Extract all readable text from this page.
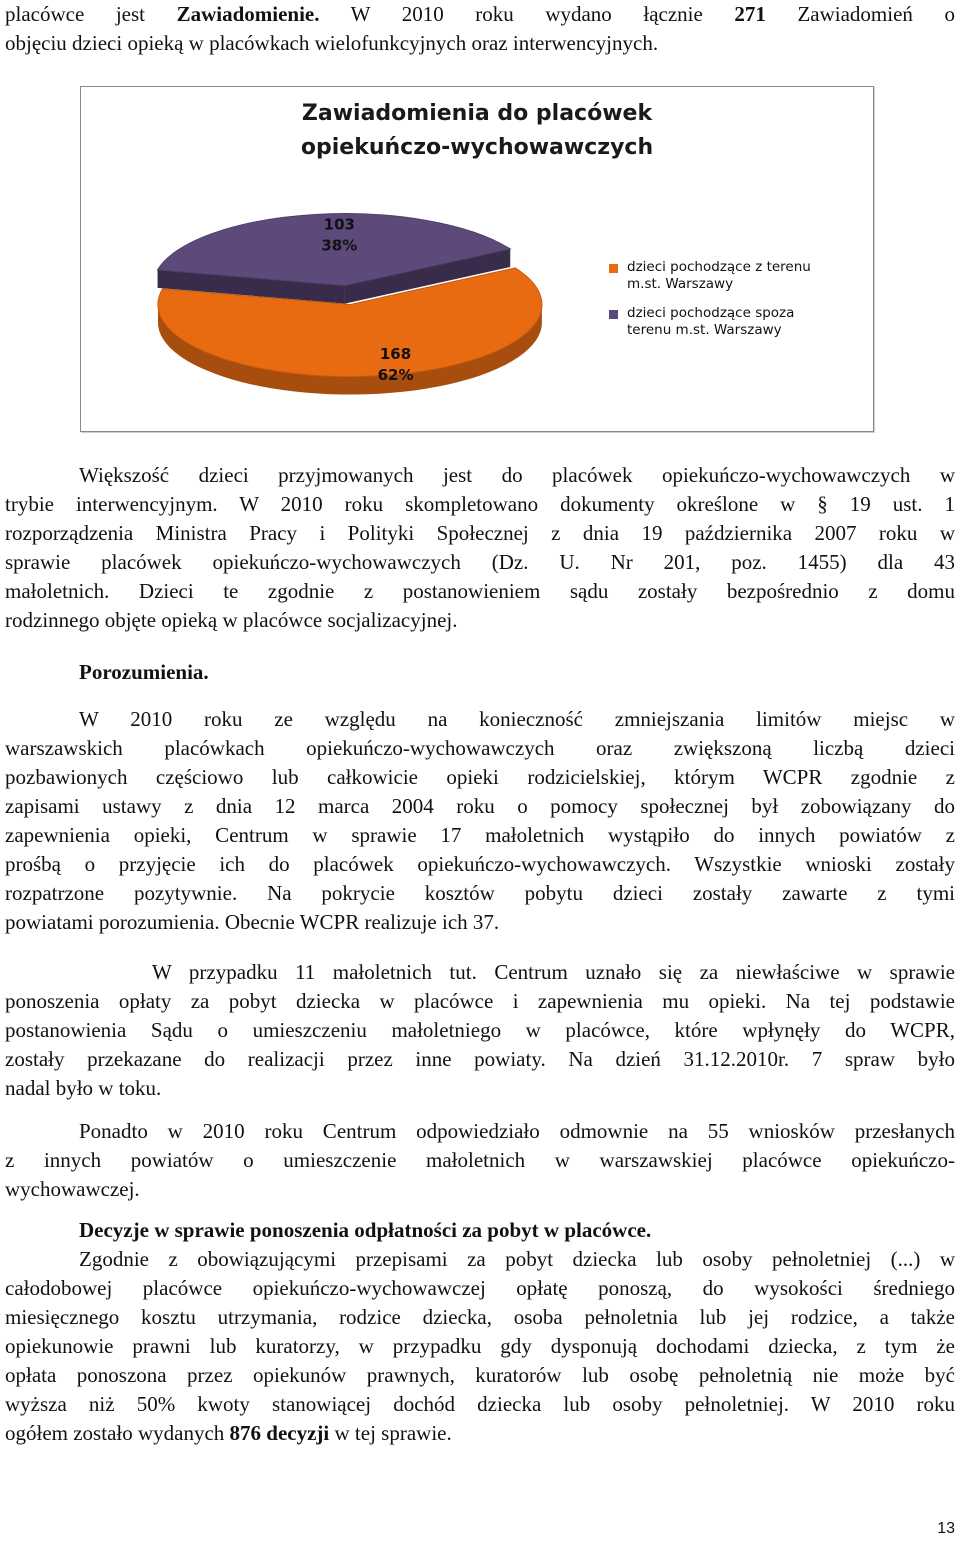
placówce jest Zawiadomienie. W 2010 roku wydano łącznie 271 Zawiadomień o
objęciu dzieci opieką w placówkach wielofunkcyjnych oraz interwencyjnych.
Zawiadomienia do placówek
opiekuńczo-wychowawczych
168
62%
103
38%
dzieci pochodzące z terenu
m.st. Warszawy
dzieci pochodzące spoza
terenu m.st. Warszawy
Większość dzieci przyjmowanych jest do placówek opiekuńczo-wychowawczych w
trybie interwencyjnym. W 2010 roku skompletowano dokumenty określone w § 19 ust. 1
rozporządzenia Ministra Pracy i Polityki Społecznej z dnia 19 października 2007 roku w
sprawie placówek opiekuńczo-wychowawczych (Dz. U. Nr 201, poz. 1455) dla 43
małoletnich. Dzieci te zgodnie z postanowieniem sądu zostały bezpośrednio z domu
rodzinnego objęte opieką w placówce socjalizacyjnej.
Porozumienia.
W 2010 roku ze względu na konieczność zmniejszania limitów miejsc w
warszawskich placówkach opiekuńczo-wychowawczych oraz zwiększoną liczbą dzieci
pozbawionych częściowo lub całkowicie opieki rodzicielskiej, którym WCPR zgodnie z
zapisami ustawy z dnia 12 marca 2004 roku o pomocy społecznej był zobowiązany do
zapewnienia opieki, Centrum w sprawie 17 małoletnich wystąpiło do innych powiatów z
prośbą o przyjęcie ich do placówek opiekuńczo-wychowawczych. Wszystkie wnioski zostały
rozpatrzone pozytywnie. Na pokrycie kosztów pobytu dzieci zostały zawarte z tymi
powiatami porozumienia. Obecnie WCPR realizuje ich 37.
W przypadku 11 małoletnich tut. Centrum uznało się za niewłaściwe w sprawie
ponoszenia opłaty za pobyt dziecka w placówce i zapewnienia mu opieki. Na tej podstawie
postanowienia Sądu o umieszczeniu małoletniego w placówce, które wpłynęły do WCPR,
zostały przekazane do realizacji przez inne powiaty. Na dzień 31.12.2010r. 7 spraw było
nadal było w toku.
Ponadto w 2010 roku Centrum odpowiedziało odmownie na 55 wniosków przesłanych
z innych powiatów o umieszczenie małoletnich w warszawskiej placówce opiekuńczo-
wychowawczej.
Decyzje w sprawie ponoszenia odpłatności za pobyt w placówce.
Zgodnie z obowiązującymi przepisami za pobyt dziecka lub osoby pełnoletniej (...) w
całodobowej placówce opiekuńczo-wychowawczej opłatę ponoszą, do wysokości średniego
miesięcznego kosztu utrzymania, rodzice dziecka, osoba pełnoletnia lub jej rodzice, a także
opiekunowie prawni lub kuratorzy, w przypadku gdy dysponują dochodami dziecka, z tym że
opłata ponoszona przez opiekunów prawnych, kuratorów lub osobę pełnoletnią nie może być
wyższa niż 50% kwoty stanowiącej dochód dziecka lub osoby pełnoletniej. W 2010 roku
ogółem zostało wydanych 876 decyzji w tej sprawie.
13
